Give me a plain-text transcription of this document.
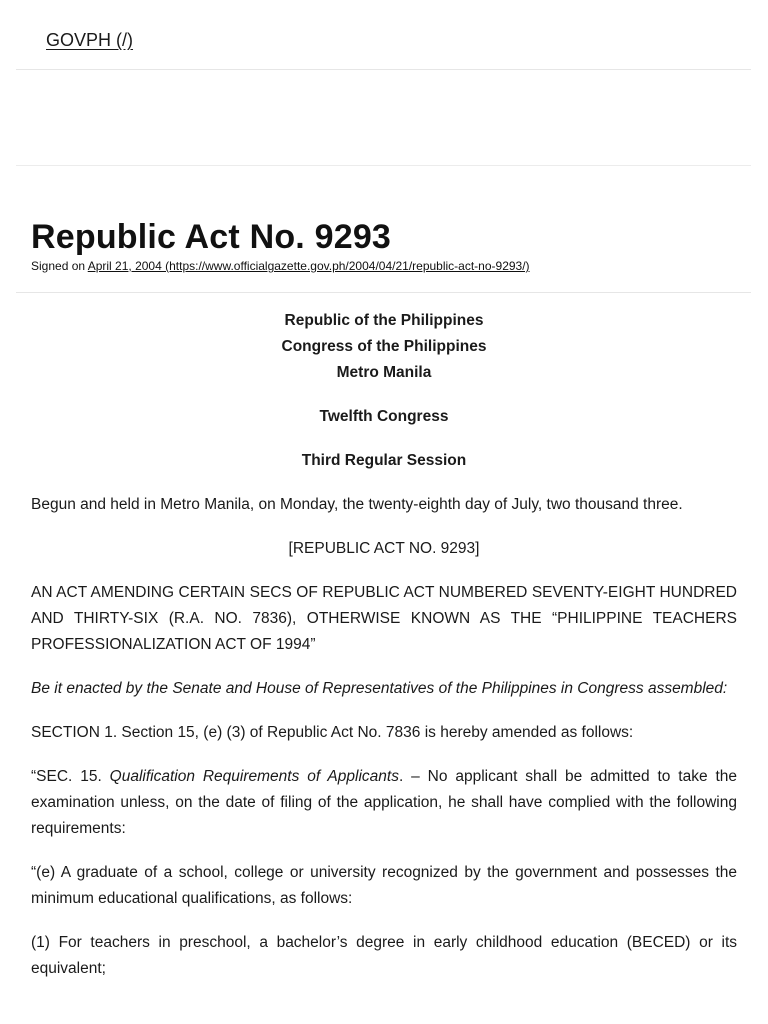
GOVPH (/)
Republic Act No. 9293
Signed on April 21, 2004 (https://www.officialgazette.gov.ph/2004/04/21/republic-act-no-9293/)

Republic of the Philippines

Congress of the Philippines

Metro Manila

Twelfth Congress

Third Regular Session

Begun and held in Metro Manila, on Monday, the twenty-eighth day of July, two thousand three.

[REPUBLIC ACT NO. 9293]

AN ACT AMENDING CERTAIN SECS OF REPUBLIC ACT NUMBERED SEVENTY-EIGHT HUNDRED AND THIRTY-SIX (R.A. NO. 7836), OTHERWISE KNOWN AS THE “PHILIPPINE TEACHERS PROFESSIONALIZATION ACT OF 1994”

Be it enacted by the Senate and House of Representatives of the Philippines in Congress assembled:

SECTION 1. Section 15, (e) (3) of Republic Act No. 7836 is hereby amended as follows:

“SEC. 15. Qualification Requirements of Applicants. – No applicant shall be admitted to take the examination unless, on the date of filing of the application, he shall have complied with the following requirements:

“(e) A graduate of a school, college or university recognized by the government and possesses the minimum educational qualifications, as follows:

(1) For teachers in preschool, a bachelor’s degree in early childhood education (BECED) or its equivalent;
